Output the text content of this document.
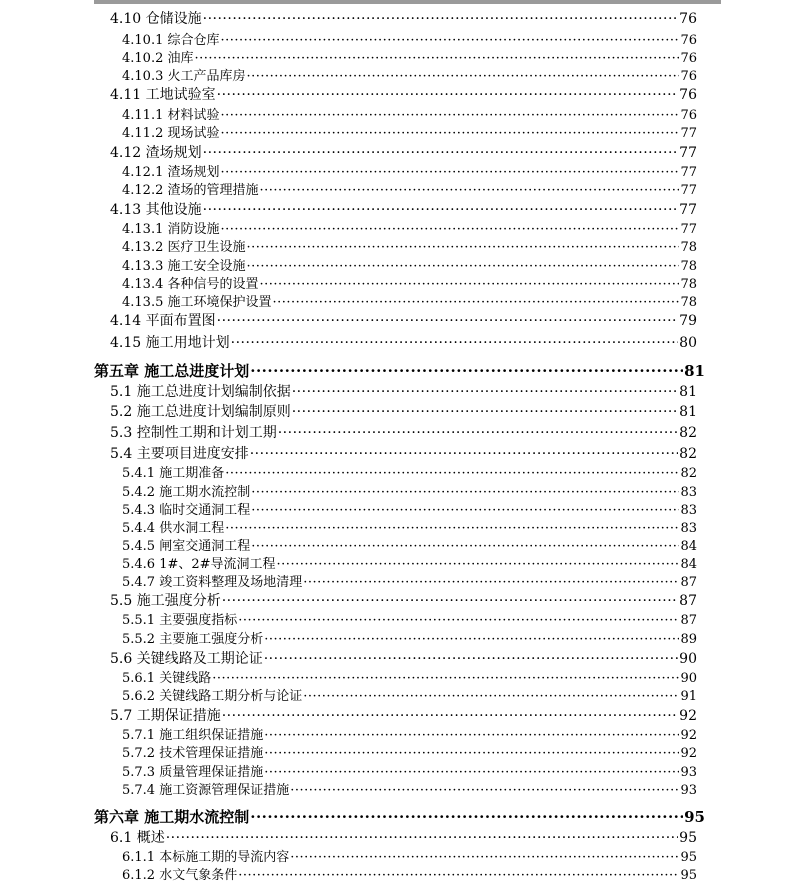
4.10 仓储设施 ·····	76
4.10.1 综合仓库 ·····	76
4.10.2 油库 ·····	76
4.10.3 火工产品库房 ·····	76
4.11 工地试验室 ·····	76
4.11.1 材料试验 ·····	76
4.11.2 现场试验 ·····	77
4.12 渣场规划 ·····	77
4.12.1 渣场规划 ·····	77
4.12.2 渣场的管理措施 ·····	77
4.13 其他设施 ·····	77
4.13.1 消防设施 ·····	77
4.13.2 医疗卫生设施 ·····	78
4.13.3 施工安全设施 ·····	78
4.13.4 各种信号的设置 ·····	78
4.13.5 施工环境保护设置 ·····	78
4.14 平面布置图 ·····	79
4.15 施工用地计划 ·····	80
第五章 施工总进度计划 ·····	81
5.1 施工总进度计划编制依据 ·····	81
5.2 施工总进度计划编制原则 ·····	81
5.3 控制性工期和计划工期 ·····	82
5.4 主要项目进度安排 ·····	82
5.4.1 施工期准备 ·····	82
5.4.2 施工期水流控制 ·····	83
5.4.3 临时交通洞工程 ·····	83
5.4.4 供水洞工程 ·····	83
5.4.5 闸室交通洞工程 ·····	84
5.4.6 1#、2#导流洞工程 ·····	84
5.4.7 竣工资料整理及场地清理 ·····	87
5.5 施工强度分析 ·····	87
5.5.1 主要强度指标 ·····	87
5.5.2 主要施工强度分析 ·····	89
5.6 关键线路及工期论证 ·····	90
5.6.1 关键线路 ·····	90
5.6.2 关键线路工期分析与论证 ·····	91
5.7 工期保证措施 ·····	92
5.7.1 施工组织保证措施 ·····	92
5.7.2 技术管理保证措施 ·····	92
5.7.3 质量管理保证措施 ·····	93
5.7.4 施工资源管理保证措施 ·····	93
第六章 施工期水流控制 ·····	95
6.1 概述 ·····	95
6.1.1 本标施工期的导流内容 ·····	95
6.1.2 水文气象条件 ·····	95
